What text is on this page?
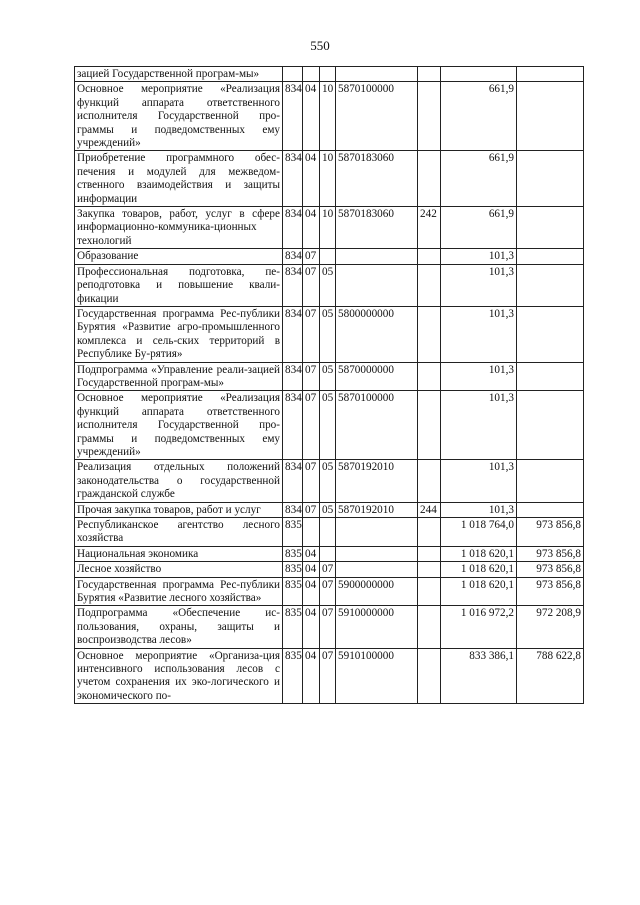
550
зацией Государственной програм-мы»							
Основное мероприятие «Реализация функций аппарата ответственного исполнителя Государственной про-граммы и подведомственных ему учреждений»	834	04	10	5870100000		661,9	
Приобретение программного обес-печения и модулей для межведом-ственного взаимодействия и защиты информации	834	04	10	5870183060		661,9	
Закупка товаров, работ, услуг в сфере информационно-коммуника-ционных технологий	834	04	10	5870183060	242	661,9	
Образование	834	07				101,3	
Профессиональная подготовка, пе-реподготовка и повышение квали-фикации	834	07	05			101,3	
Государственная программа Рес-публики Бурятия «Развитие агро-промышленного комплекса и сель-ских территорий в Республике Бу-рятия»	834	07	05	5800000000		101,3	
Подпрограмма «Управление реали-зацией Государственной програм-мы»	834	07	05	5870000000		101,3	
Основное мероприятие «Реализация функций аппарата ответственного исполнителя Государственной про-граммы и подведомственных ему учреждений»	834	07	05	5870100000		101,3	
Реализация отдельных положений законодательства о государственной гражданской службе	834	07	05	5870192010		101,3	
Прочая закупка товаров, работ и услуг	834	07	05	5870192010	244	101,3	
Республиканское агентство лесного хозяйства	835					1 018 764,0	973 856,8
Национальная экономика	835	04				1 018 620,1	973 856,8
Лесное хозяйство	835	04	07			1 018 620,1	973 856,8
Государственная программа Рес-публики Бурятия «Развитие лесного хозяйства»	835	04	07	5900000000		1 018 620,1	973 856,8
Подпрограмма «Обеспечение ис-пользования, охраны, защиты и воспроизводства лесов»	835	04	07	5910000000		1 016 972,2	972 208,9
Основное мероприятие «Организа-ция интенсивного использования лесов с учетом сохранения их эко-логического и экономического по-	835	04	07	5910100000		833 386,1	788 622,8
